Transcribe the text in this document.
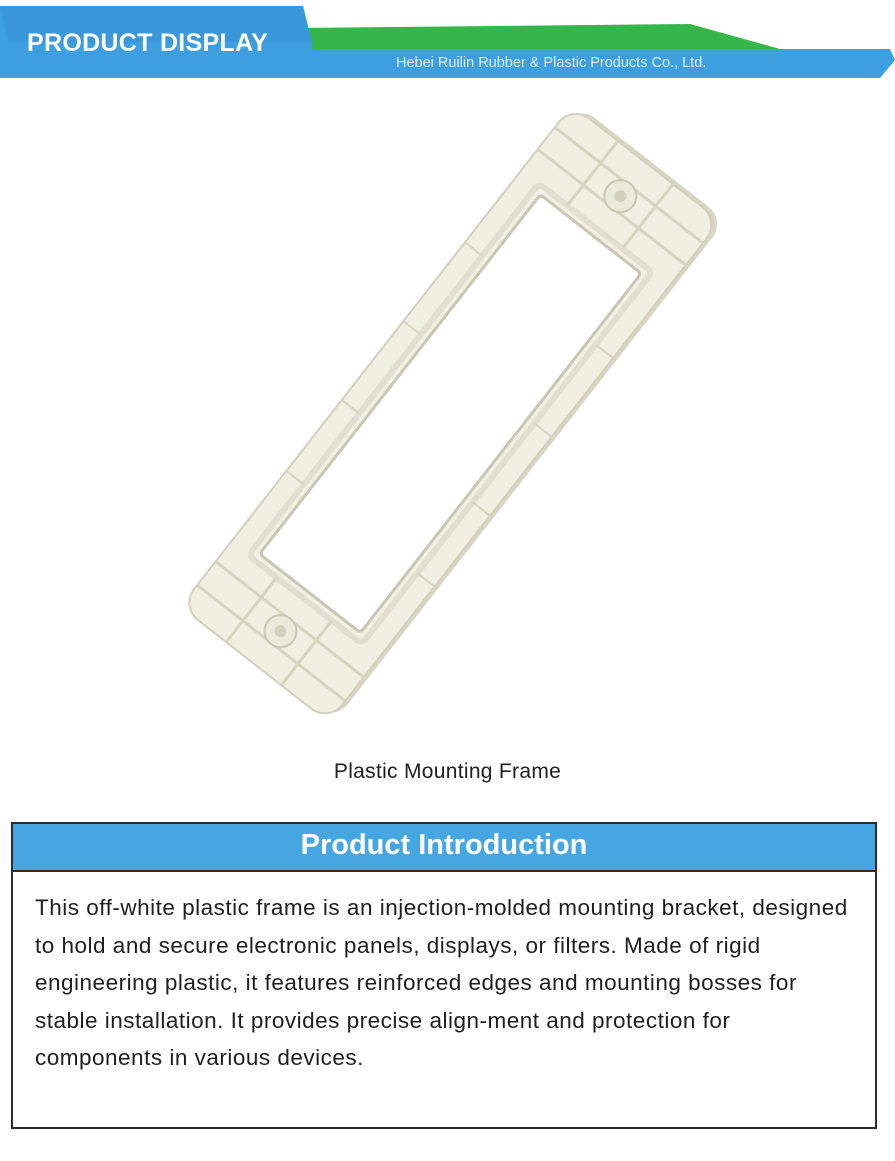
PRODUCT DISPLAY
Hebei Ruilin Rubber & Plastic Products Co., Ltd.
Plastic Mounting Frame
Product Introduction
This off-white plastic frame is an injection-molded mounting bracket, designed to hold and secure electronic panels, displays, or filters. Made of rigid engineering plastic, it features reinforced edges and mounting bosses for stable installation. It provides precise align-ment and protection for components in various devices.
